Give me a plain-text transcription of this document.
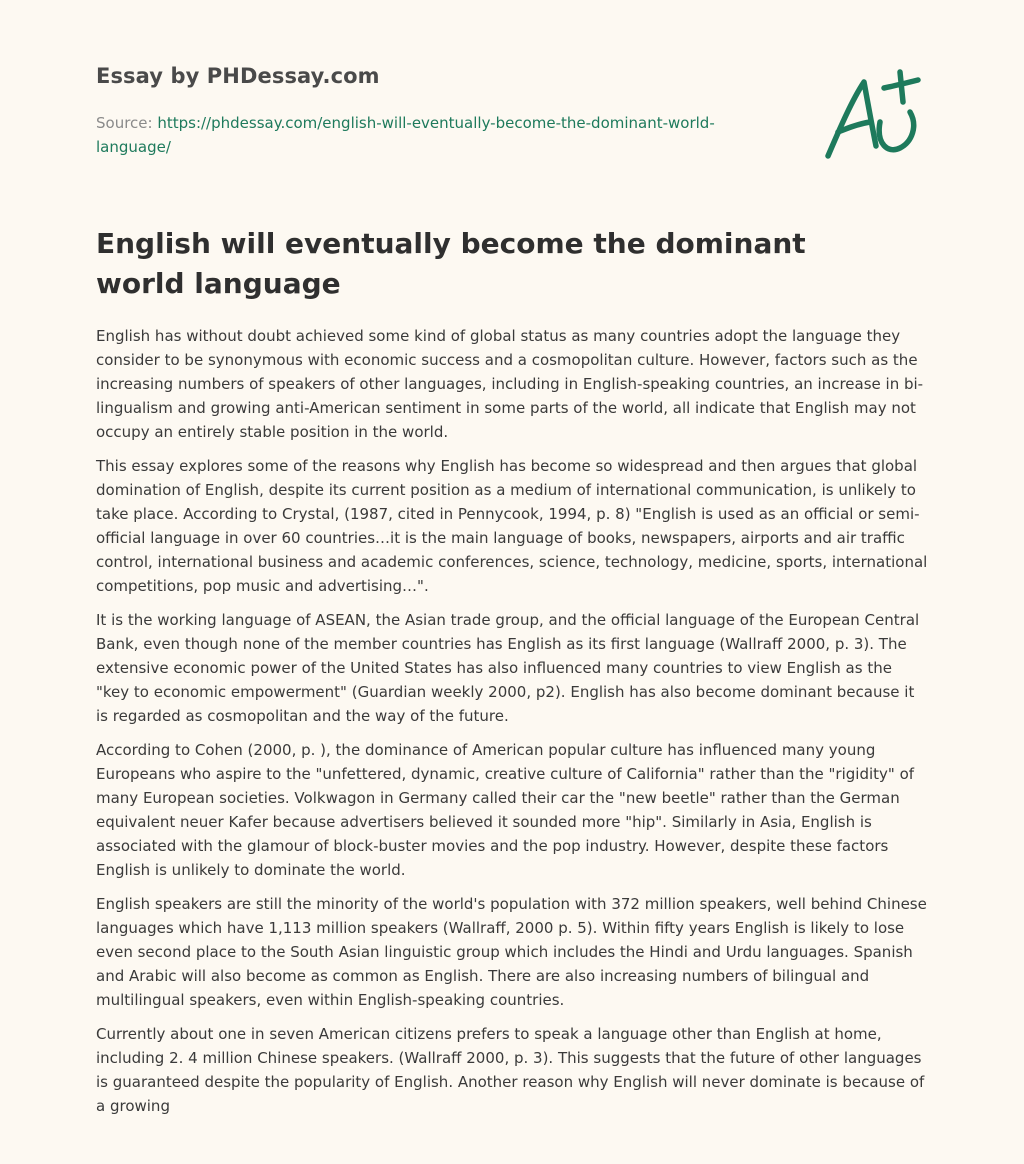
Essay by PHDessay.com
Source: https://phdessay.com/english-will-eventually-become-the-dominant-world-language/
English will eventually become the dominant world language

English has without doubt achieved some kind of global status as many countries adopt the language they consider to be synonymous with economic success and a cosmopolitan culture. However, factors such as the increasing numbers of speakers of other languages, including in English-speaking countries, an increase in bi-lingualism and growing anti-American sentiment in some parts of the world, all indicate that English may not occupy an entirely stable position in the world.

This essay explores some of the reasons why English has become so widespread and then argues that global domination of English, despite its current position as a medium of international communication, is unlikely to take place. According to Crystal, (1987, cited in Pennycook, 1994, p. 8) "English is used as an official or semi-official language in over 60 countries…it is the main language of books, newspapers, airports and air traffic control, international business and academic conferences, science, technology, medicine, sports, international competitions, pop music and advertising…".

It is the working language of ASEAN, the Asian trade group, and the official language of the European Central Bank, even though none of the member countries has English as its first language (Wallraff 2000, p. 3). The extensive economic power of the United States has also influenced many countries to view English as the "key to economic empowerment" (Guardian weekly 2000, p2). English has also become dominant because it is regarded as cosmopolitan and the way of the future.

According to Cohen (2000, p. ), the dominance of American popular culture has influenced many young Europeans who aspire to the "unfettered, dynamic, creative culture of California" rather than the "rigidity" of many European societies. Volkwagon in Germany called their car the "new beetle" rather than the German equivalent neuer Kafer because advertisers believed it sounded more "hip". Similarly in Asia, English is associated with the glamour of block-buster movies and the pop industry. However, despite these factors English is unlikely to dominate the world.

English speakers are still the minority of the world's population with 372 million speakers, well behind Chinese languages which have 1,113 million speakers (Wallraff, 2000 p. 5). Within fifty years English is likely to lose even second place to the South Asian linguistic group which includes the Hindi and Urdu languages. Spanish and Arabic will also become as common as English. There are also increasing numbers of bilingual and multilingual speakers, even within English-speaking countries.

Currently about one in seven American citizens prefers to speak a language other than English at home, including 2. 4 million Chinese speakers. (Wallraff 2000, p. 3). This suggests that the future of other languages is guaranteed despite the popularity of English. Another reason why English will never dominate is because of a growing
